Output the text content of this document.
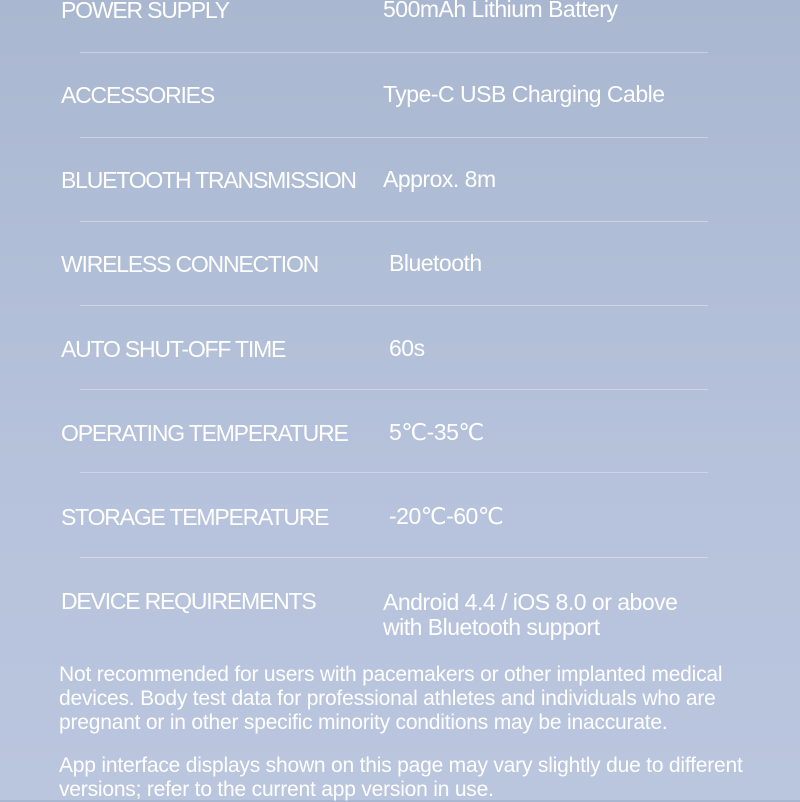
POWER SUPPLY	500mAh Lithium Battery
ACCESSORIES	Type-C USB Charging Cable
BLUETOOTH TRANSMISSION Approx. 8m
WIRELESS CONNECTION	Bluetooth
AUTO SHUT-OFF TIME	60s
OPERATING TEMPERATURE 5℃-35℃
STORAGE TEMPERATURE	-20℃-60℃
DEVICE REQUIREMENTS	Android 4.4 / iOS 8.0 or above
with Bluetooth support
Not recommended for users with pacemakers or other implanted medical devices. Body test data for professional athletes and individuals who are pregnant or in other specific minority conditions may be inaccurate.
App interface displays shown on this page may vary slightly due to different versions; refer to the current app version in use.
